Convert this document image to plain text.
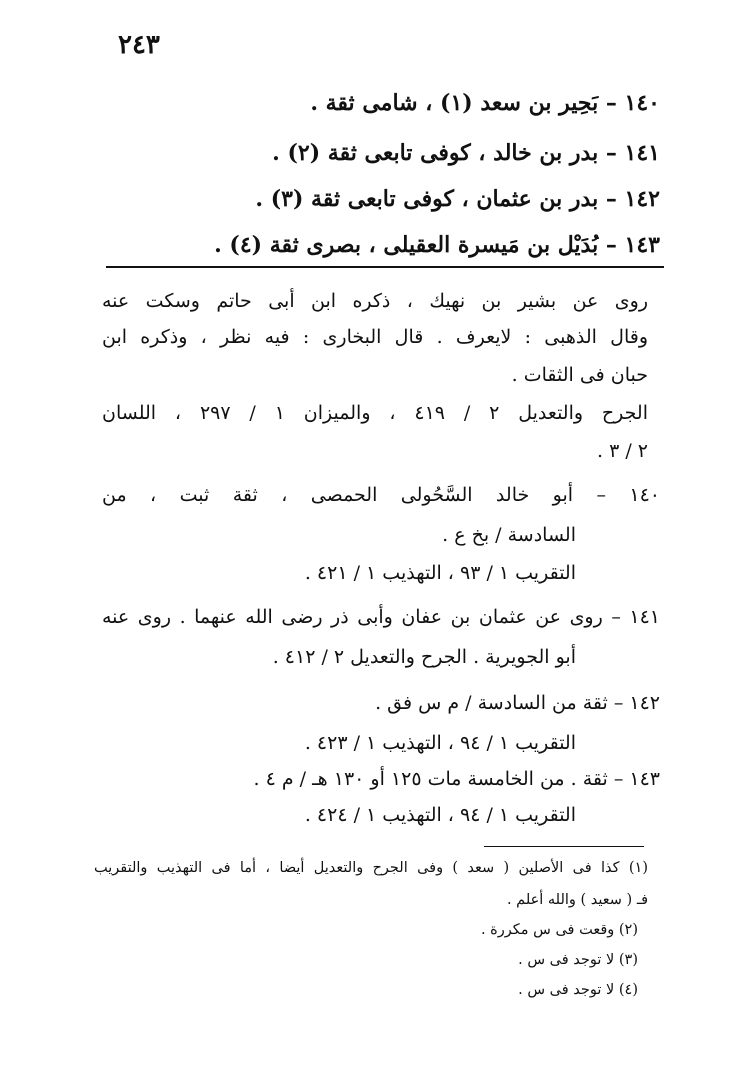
٢٤٣
١٤٠ – بَحِير بن سعد (١) ، شامى ثقة .
١٤١ – بدر بن خالد ، كوفى تابعى ثقة (٢) .
١٤٢ – بدر بن عثمان ، كوفى تابعى ثقة (٣) .
١٤٣ – بُدَيْل بن مَيسرة العقيلى ، بصرى ثقة (٤) .
روى عن بشير بن نهيك ، ذكره ابن أبى حاتم وسكت عنه
وقال الذهبى : لايعرف . قال البخارى : فيه نظر ، وذكره ابن
حبان فى الثقات .
الجرح والتعديل ٢ / ٤١٩ ، والميزان ١ / ٢٩٧ ، اللسان
٢ / ٣ .
١٤٠ – أبو خالد السَّحُولى الحمصى ، ثقة ثبت ، من
السادسة / بخ ع .
التقريب ١ / ٩٣ ، التهذيب ١ / ٤٢١ .
١٤١ – روى عن عثمان بن عفان وأبى ذر رضى الله عنهما . روى عنه
أبو الجويرية . الجرح والتعديل ٢ / ٤١٢ .
١٤٢ – ثقة من السادسة / م س فق .
التقريب ١ / ٩٤ ، التهذيب ١ / ٤٢٣ .
١٤٣ – ثقة . من الخامسة مات ١٢٥ أو ١٣٠ هـ / م ٤ .
التقريب ١ / ٩٤ ، التهذيب ١ / ٤٢٤ .
(١) كذا فى الأصلين ( سعد ) وفى الجرح والتعديل أيضا ، أما فى التهذيب والتقريب
فـ ( سعيد ) والله أعلم .
(٢) وقعت فى س مكررة .
(٣) لا توجد فى س .
(٤) لا توجد فى س .
